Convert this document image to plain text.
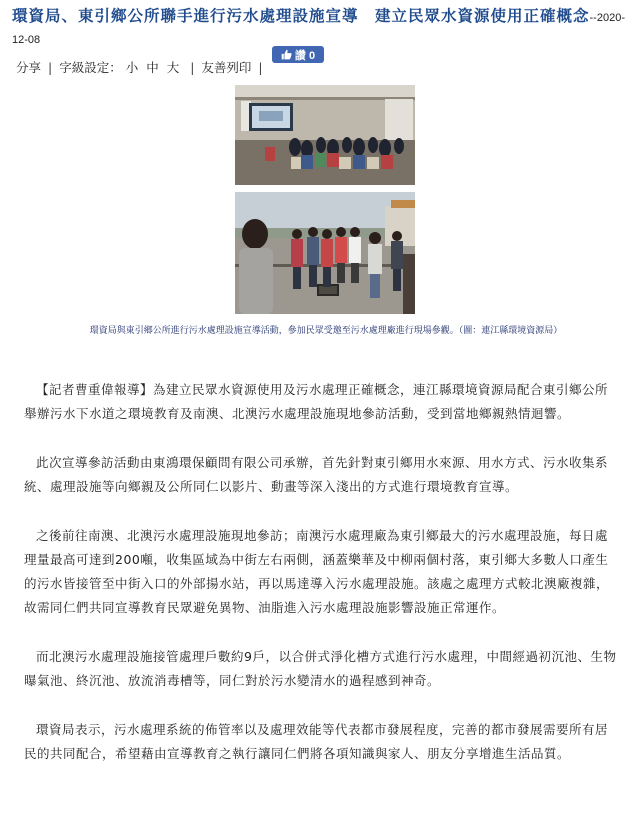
環資局、東引鄉公所聯手進行污水處理設施宣導　建立民眾水資源使用正確概念--2020-12-08
讚 0
分享 | 字級設定： 小 中 大 | 友善列印 |
環資局與東引鄉公所進行污水處理設施宣導活動，參加民眾受邀至污水處理廠進行現場參觀。（圖：連江縣環境資源局）

【記者曹重偉報導】為建立民眾水資源使用及污水處理正確概念，連江縣環境資源局配合東引鄉公所舉辦污水下水道之環境教育及南澳、北澳污水處理設施現地參訪活動，受到當地鄉親熱情迴響。

此次宣導參訪活動由東鴻環保顧問有限公司承辦，首先針對東引鄉用水來源、用水方式、污水收集系統、處理設施等向鄉親及公所同仁以影片、動畫等深入淺出的方式進行環境教育宣導。

之後前往南澳、北澳污水處理設施現地參訪；南澳污水處理廠為東引鄉最大的污水處理設施，每日處理量最高可達到200噸，收集區域為中街左右兩側，涵蓋樂華及中柳兩個村落，東引鄉大多數人口產生的污水皆接管至中街入口的外部揚水站，再以馬達導入污水處理設施。該處之處理方式較北澳廠複雜，故需同仁們共同宣導教育民眾避免異物、油脂進入污水處理設施影響設施正常運作。

而北澳污水處理設施接管處理戶數約9戶，以合併式淨化槽方式進行污水處理，中間經過初沉池、生物曝氣池、終沉池、放流消毒槽等，同仁對於污水變清水的過程感到神奇。

環資局表示，污水處理系統的佈管率以及處理效能等代表都市發展程度，完善的都市發展需要所有居民的共同配合，希望藉由宣導教育之執行讓同仁們將各項知識與家人、朋友分享增進生活品質。
